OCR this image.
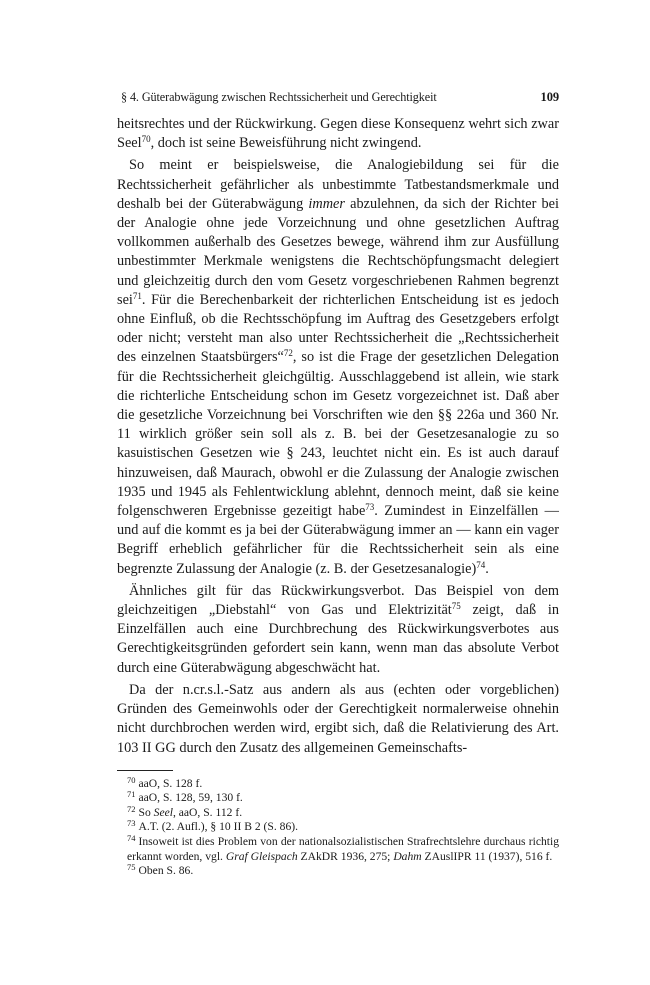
§ 4. Güterabwägung zwischen Rechtssicherheit und Gerechtigkeit	109

heitsrechtes und der Rückwirkung. Gegen diese Konsequenz wehrt sich zwar Seel$^{70}$, doch ist seine Beweisführung nicht zwingend.

So meint er beispielsweise, die Analogiebildung sei für die Rechtssicherheit gefährlicher als unbestimmte Tatbestandsmerkmale und deshalb bei der Güterabwägung immer abzulehnen, da sich der Richter bei der Analogie ohne jede Vorzeichnung und ohne gesetzlichen Auftrag vollkommen außerhalb des Gesetzes bewege, während ihm zur Ausfüllung unbestimmter Merkmale wenigstens die Rechtschöpfungsmacht delegiert und gleichzeitig durch den vom Gesetz vorgeschriebenen Rahmen begrenzt sei$^{71}$. Für die Berechenbarkeit der richterlichen Entscheidung ist es jedoch ohne Einfluß, ob die Rechtsschöpfung im Auftrag des Gesetzgebers erfolgt oder nicht; versteht man also unter Rechtssicherheit die „Rechtssicherheit des einzelnen Staatsbürgers“$^{72}$, so ist die Frage der gesetzlichen Delegation für die Rechtssicherheit gleichgültig. Ausschlaggebend ist allein, wie stark die richterliche Entscheidung schon im Gesetz vorgezeichnet ist. Daß aber die gesetzliche Vorzeichnung bei Vorschriften wie den §§ 226a und 360 Nr. 11 wirklich größer sein soll als z. B. bei der Gesetzesanalogie zu so kasuistischen Gesetzen wie § 243, leuchtet nicht ein. Es ist auch darauf hinzuweisen, daß Maurach, obwohl er die Zulassung der Analogie zwischen 1935 und 1945 als Fehlentwicklung ablehnt, dennoch meint, daß sie keine folgenschweren Ergebnisse gezeitigt habe$^{73}$. Zumindest in Einzelfällen — und auf die kommt es ja bei der Güterabwägung immer an — kann ein vager Begriff erheblich gefährlicher für die Rechtssicherheit sein als eine begrenzte Zulassung der Analogie (z. B. der Gesetzesanalogie)$^{74}$.

Ähnliches gilt für das Rückwirkungsverbot. Das Beispiel von dem gleichzeitigen „Diebstahl“ von Gas und Elektrizität$^{75}$ zeigt, daß in Einzelfällen auch eine Durchbrechung des Rückwirkungsverbotes aus Gerechtigkeitsgründen gefordert sein kann, wenn man das absolute Verbot durch eine Güterabwägung abgeschwächt hat.

Da der n.cr.s.l.-Satz aus andern als aus (echten oder vorgeblichen) Gründen des Gemeinwohls oder der Gerechtigkeit normalerweise ohnehin nicht durchbrochen werden wird, ergibt sich, daß die Relativierung des Art. 103 II GG durch den Zusatz des allgemeinen Gemeinschafts-

$^{70}$ aaO, S. 128 f.

$^{71}$ aaO, S. 128, 59, 130 f.

$^{72}$ So Seel, aaO, S. 112 f.

$^{73}$ A.T. (2. Aufl.), § 10 II B 2 (S. 86).

$^{74}$ Insoweit ist dies Problem von der nationalsozialistischen Strafrechtslehre durchaus richtig erkannt worden, vgl. Graf Gleispach ZAkDR 1936, 275; Dahm ZAuslIPR 11 (1937), 516 f.

$^{75}$ Oben S. 86.
